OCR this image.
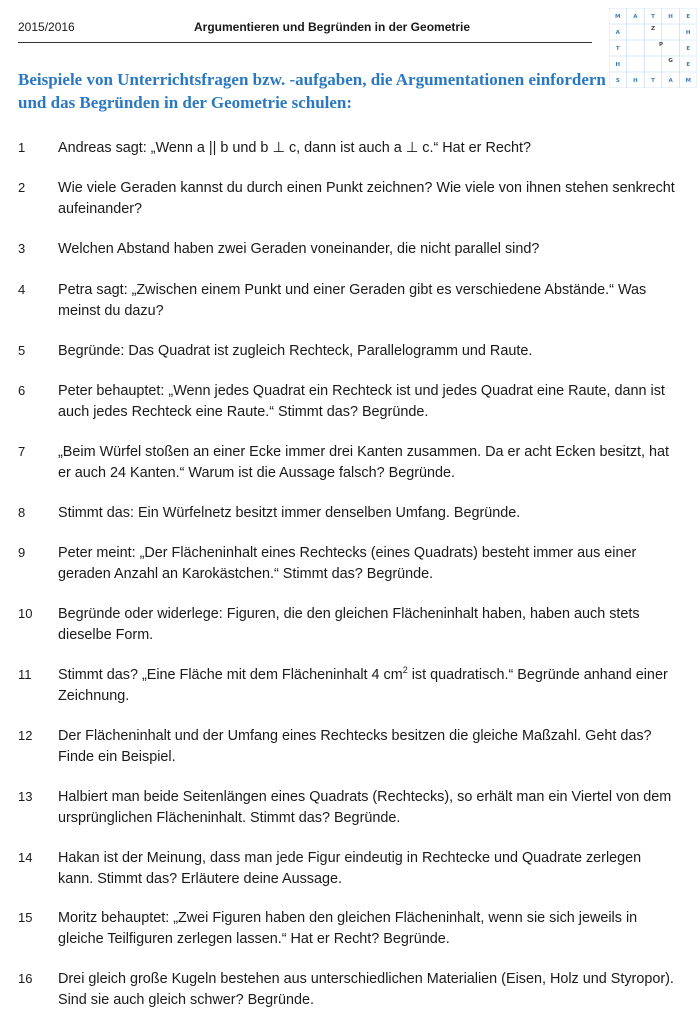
2015/2016	Argumentieren und Begründen in der Geometrie
M A T H E
A
Z
H
T
P
E
H
G
E
S H T A M
Beispiele von Unterrichtsfragen bzw. -aufgaben, die Argumentationen einfordern und das Begründen in der Geometrie schulen:
1	Andreas sagt: „Wenn a || b und b ⊥ c, dann ist auch a ⊥ c.“ Hat er Recht?
2	Wie viele Geraden kannst du durch einen Punkt zeichnen? Wie viele von ihnen stehen senkrecht aufeinander?
3	Welchen Abstand haben zwei Geraden voneinander, die nicht parallel sind?
4	Petra sagt: „Zwischen einem Punkt und einer Geraden gibt es verschiedene Abstände.“ Was meinst du dazu?
5	Begründe: Das Quadrat ist zugleich Rechteck, Parallelogramm und Raute.
6	Peter behauptet: „Wenn jedes Quadrat ein Rechteck ist und jedes Quadrat eine Raute, dann ist auch jedes Rechteck eine Raute.“ Stimmt das? Begründe.
7	„Beim Würfel stoßen an einer Ecke immer drei Kanten zusammen. Da er acht Ecken besitzt, hat er auch 24 Kanten.“ Warum ist die Aussage falsch? Begründe.
8	Stimmt das: Ein Würfelnetz besitzt immer denselben Umfang. Begründe.
9	Peter meint: „Der Flächeninhalt eines Rechtecks (eines Quadrats) besteht immer aus einer geraden Anzahl an Karokästchen.“ Stimmt das? Begründe.
10	Begründe oder widerlege: Figuren, die den gleichen Flächeninhalt haben, haben auch stets dieselbe Form.
11	Stimmt das? „Eine Fläche mit dem Flächeninhalt 4 $cm^2$ ist quadratisch.“ Begründe anhand einer Zeichnung.
12	Der Flächeninhalt und der Umfang eines Rechtecks besitzen die gleiche Maßzahl. Geht das? Finde ein Beispiel.
13	Halbiert man beide Seitenlängen eines Quadrats (Rechtecks), so erhält man ein Viertel von dem ursprünglichen Flächeninhalt. Stimmt das? Begründe.
14	Hakan ist der Meinung, dass man jede Figur eindeutig in Rechtecke und Quadrate zerlegen kann. Stimmt das? Erläutere deine Aussage.
15	Moritz behauptet: „Zwei Figuren haben den gleichen Flächeninhalt, wenn sie sich jeweils in gleiche Teilfiguren zerlegen lassen.“ Hat er Recht? Begründe.
16	Drei gleich große Kugeln bestehen aus unterschiedlichen Materialien (Eisen, Holz und Styropor). Sind sie auch gleich schwer? Begründe.
